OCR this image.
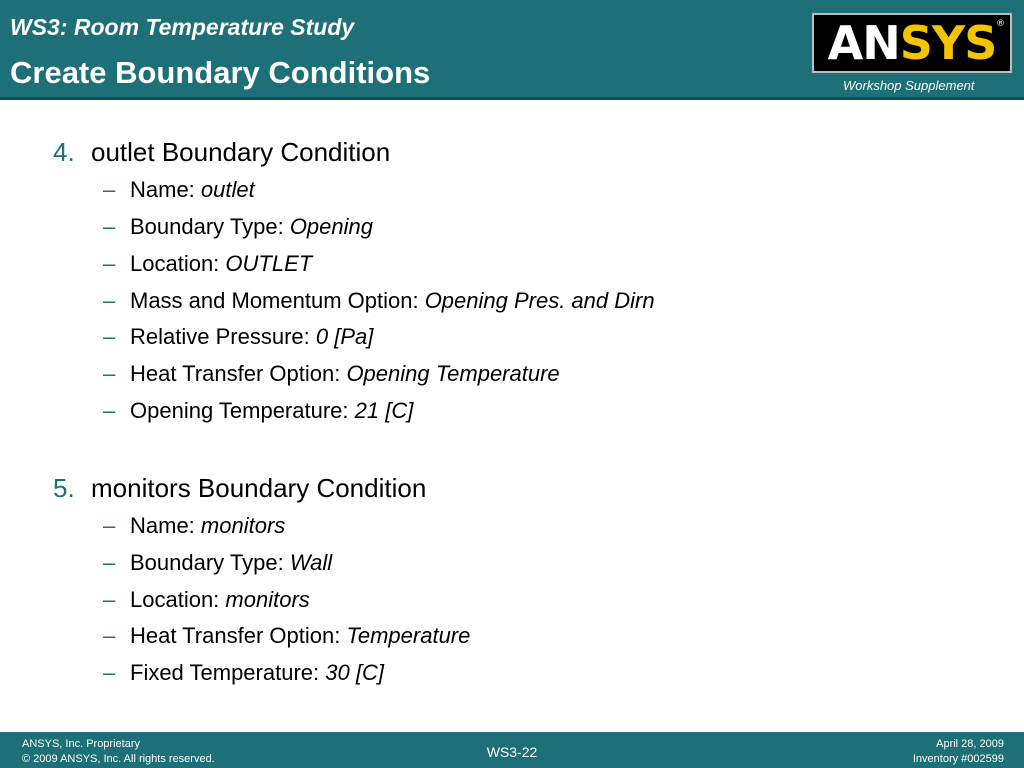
WS3: Room Temperature Study
Create Boundary Conditions
ANSYS ®
Workshop Supplement
4. outlet Boundary Condition
– Name: outlet
– Boundary Type: Opening
– Location: OUTLET
– Mass and Momentum Option: Opening Pres. and Dirn
– Relative Pressure: 0 [Pa]
– Heat Transfer Option: Opening Temperature
– Opening Temperature: 21 [C]
5. monitors Boundary Condition
– Name: monitors
– Boundary Type: Wall
– Location: monitors
– Heat Transfer Option: Temperature
– Fixed Temperature: 30 [C]
ANSYS, Inc. Proprietary
© 2009 ANSYS, Inc. All rights reserved.	WS3-22	April 28, 2009
Inventory #002599
